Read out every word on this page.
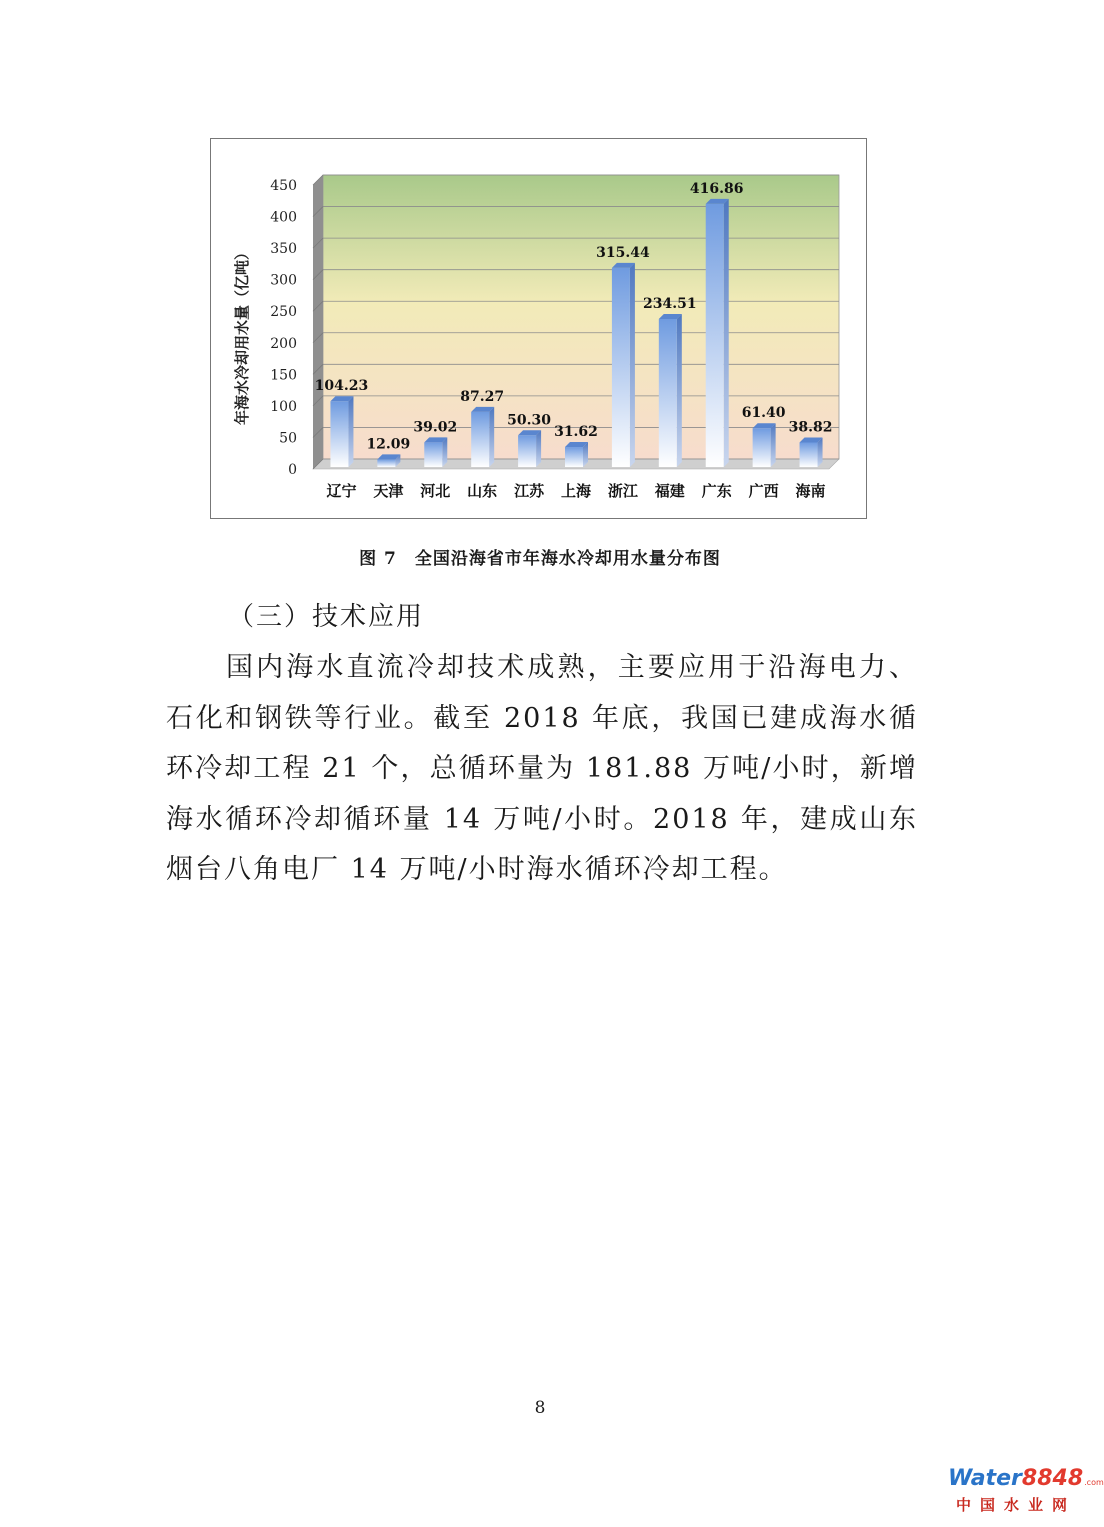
0
50
100
150
200
250
300
350
400
450
104.23
辽宁
12.09
天津
39.02
河北
87.27
山东
50.30
江苏
31.62
上海
315.44
浙江
234.51
福建
416.86
广东
61.40
广西
38.82
海南
年海水冷却用水量（亿吨）
图 7　全国沿海省市年海水冷却用水量分布图
（三）技术应用
国内海水直流冷却技术成熟，主要应用于沿海电力、石化和钢铁等行业。截至 2018 年底，我国已建成海水循环冷却工程 21 个，总循环量为 181.88 万吨/小时，新增海水循环冷却循环量 14 万吨/小时。2018 年，建成山东烟台八角电厂 14 万吨/小时海水循环冷却工程。
8
Water8848.com
中国水业网
